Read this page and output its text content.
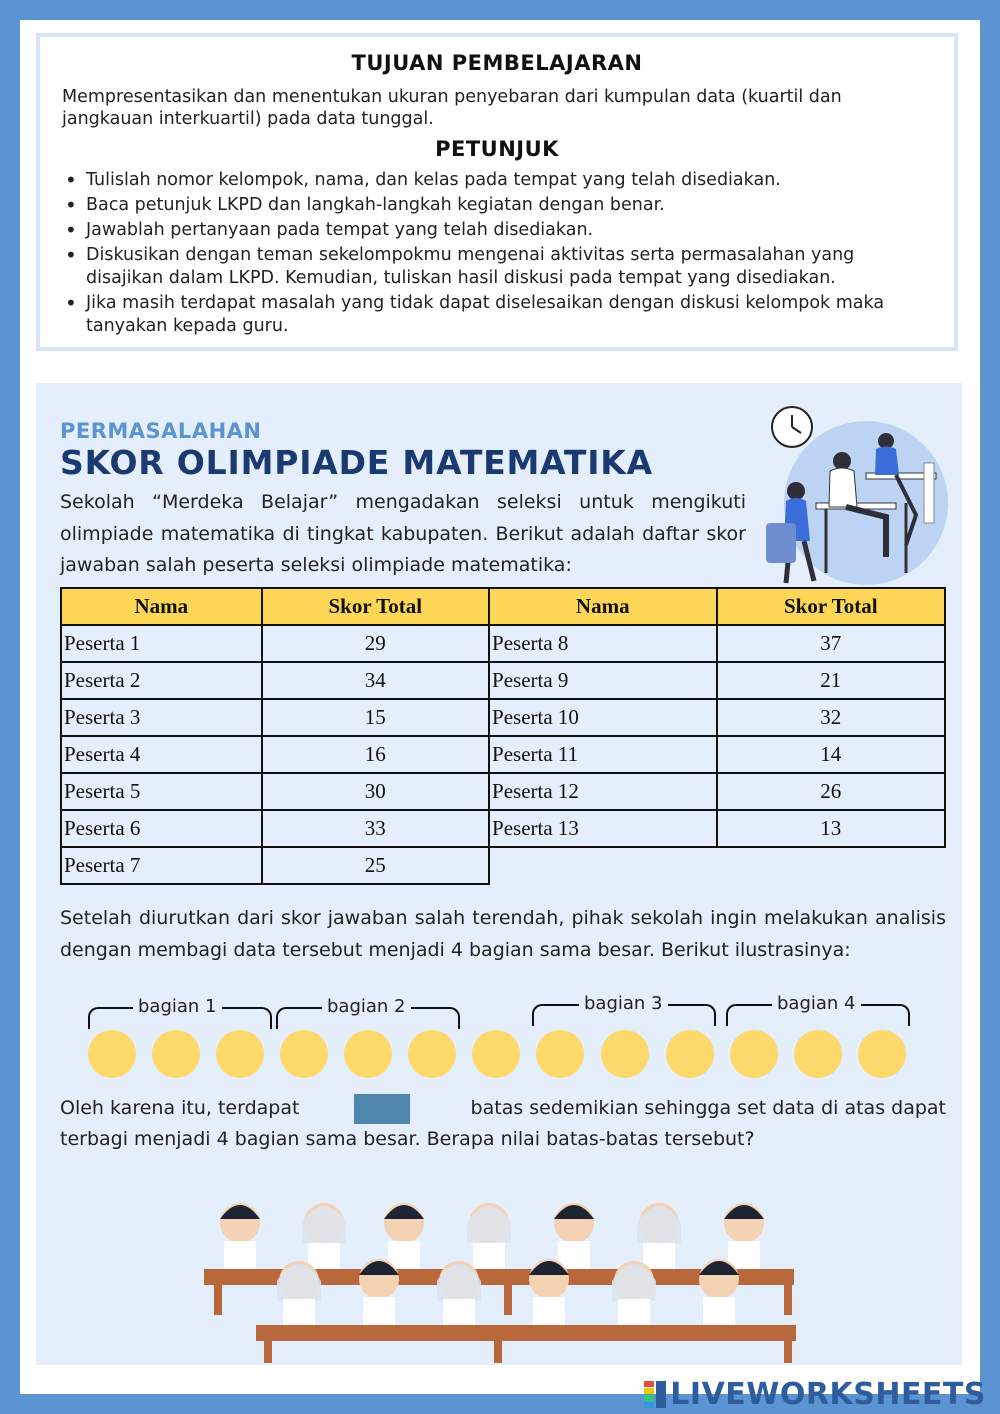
TUJUAN PEMBELAJARAN
Mempresentasikan dan menentukan ukuran penyebaran dari kumpulan data (kuartil dan jangkauan interkuartil) pada data tunggal.
PETUNJUK
• Tulislah nomor kelompok, nama, dan kelas pada tempat yang telah disediakan.
• Baca petunjuk LKPD dan langkah-langkah kegiatan dengan benar.
• Jawablah pertanyaan pada tempat yang telah disediakan.
• Diskusikan dengan teman sekelompokmu mengenai aktivitas serta permasalahan yang disajikan dalam LKPD. Kemudian, tuliskan hasil diskusi pada tempat yang disediakan.
• Jika masih terdapat masalah yang tidak dapat diselesaikan dengan diskusi kelompok maka tanyakan kepada guru.
PERMASALAHAN
SKOR OLIMPIADE MATEMATIKA
Sekolah “Merdeka Belajar” mengadakan seleksi untuk mengikuti olimpiade matematika di tingkat kabupaten. Berikut adalah daftar skor jawaban salah peserta seleksi olimpiade matematika:
Nama	Skor Total	Nama	Skor Total
Peserta 1	29	Peserta 8	37
Peserta 2	34	Peserta 9	21
Peserta 3	15	Peserta 10	32
Peserta 4	16	Peserta 11	14
Peserta 5	30	Peserta 12	26
Peserta 6	33	Peserta 13	13
Peserta 7	25		
Setelah diurutkan dari skor jawaban salah terendah, pihak sekolah ingin melakukan analisis dengan membagi data tersebut menjadi 4 bagian sama besar. Berikut ilustrasinya:
bagian 1	bagian 2	bagian 3	bagian 4
Oleh karena itu, terdapat	batas sedemikian sehingga set data di atas dapat
terbagi menjadi 4 bagian sama besar. Berapa nilai batas-batas tersebut?
LIVEWORKSHEETS
